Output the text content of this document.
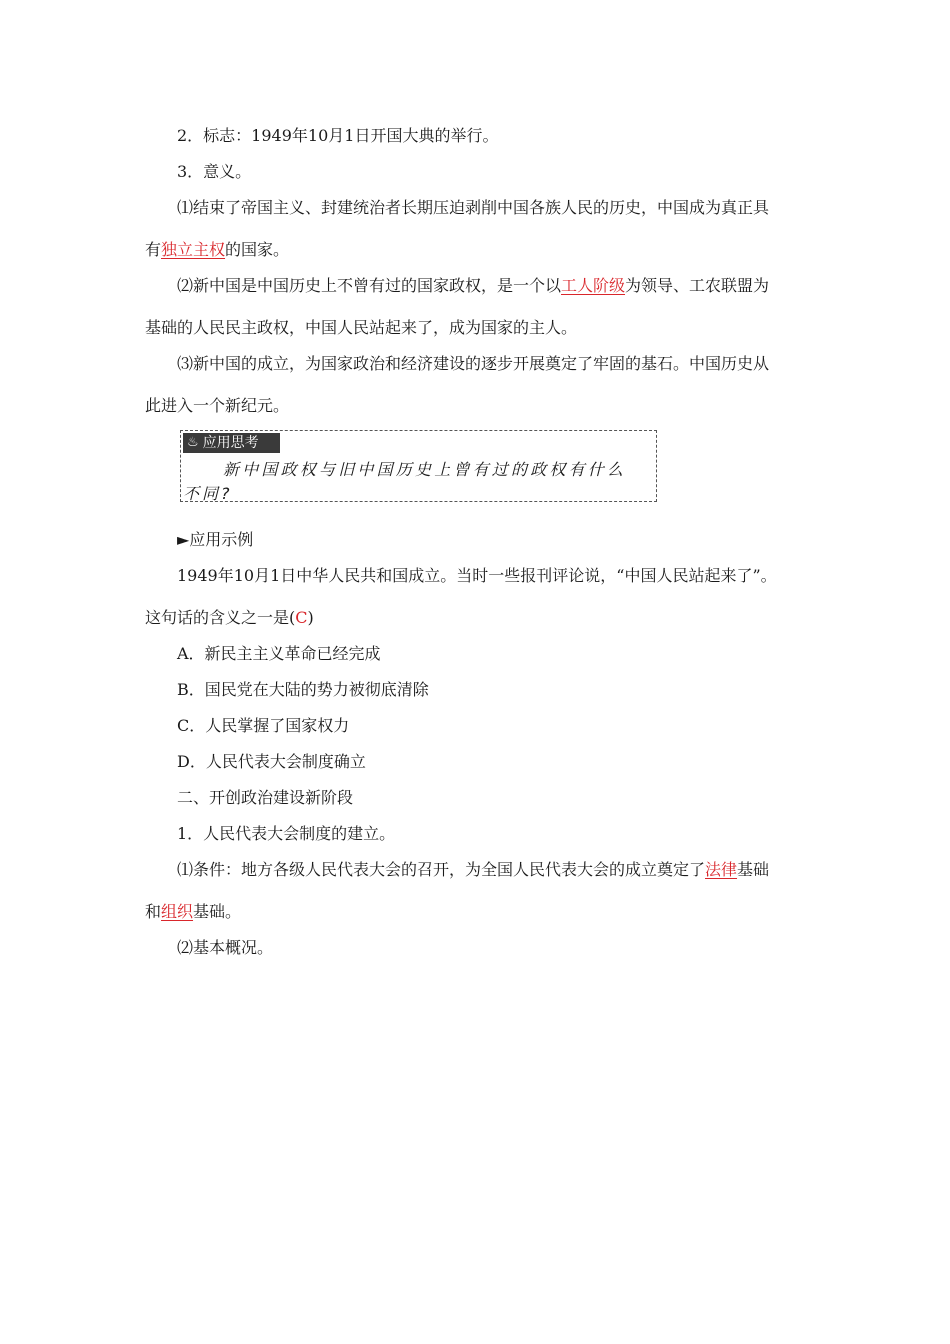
2．标志：1949年10月1日开国大典的举行。
3．意义。
⑴结束了帝国主义、封建统治者长期压迫剥削中国各族人民的历史，中国成为真正具
有独立主权的国家。
⑵新中国是中国历史上不曾有过的国家政权，是一个以工人阶级为领导、工农联盟为
基础的人民民主政权，中国人民站起来了，成为国家的主人。
⑶新中国的成立，为国家政治和经济建设的逐步开展奠定了牢固的基石。中国历史从
此进入一个新纪元。
♨ 应用思考
新中国政权与旧中国历史上曾有过的政权有什么
不同?
►应用示例
1949年10月1日中华人民共和国成立。当时一些报刊评论说，“中国人民站起来了”。
这句话的含义之一是(C)
A．新民主主义革命已经完成
B．国民党在大陆的势力被彻底清除
C．人民掌握了国家权力
D．人民代表大会制度确立
二、开创政治建设新阶段
1．人民代表大会制度的建立。
⑴条件：地方各级人民代表大会的召开，为全国人民代表大会的成立奠定了法律基础
和组织基础。
⑵基本概况。
